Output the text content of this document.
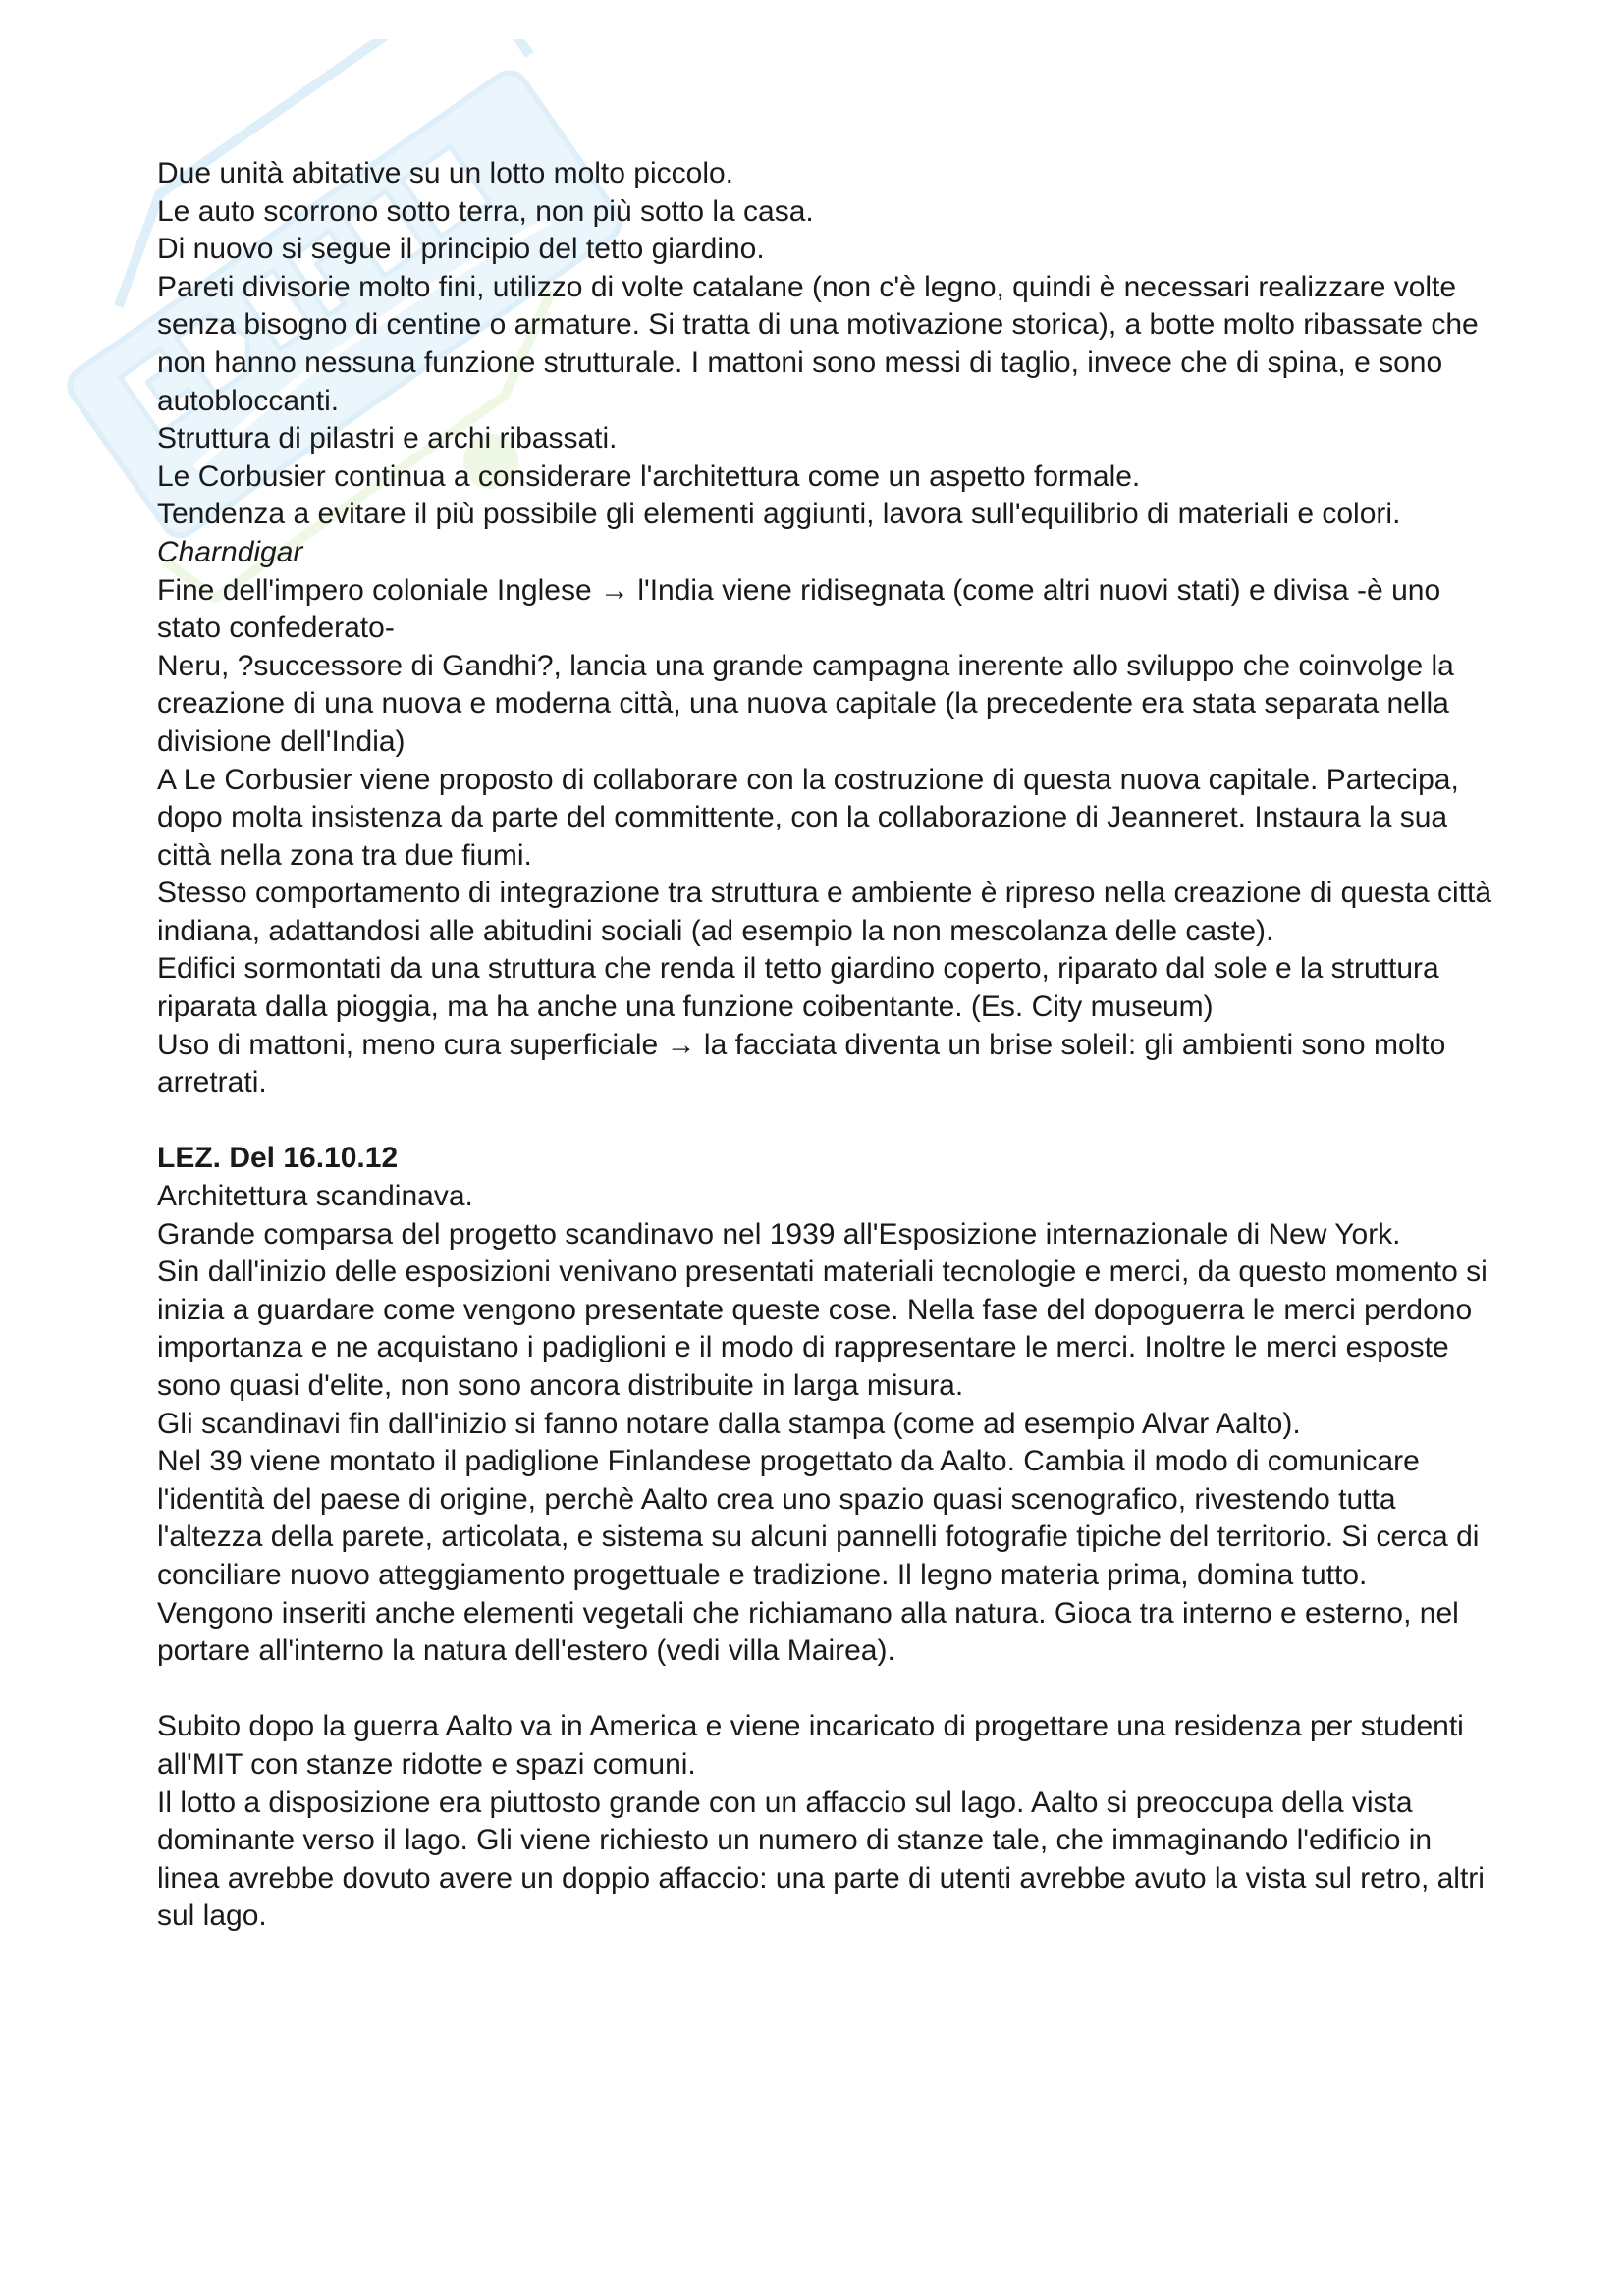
Due unità abitative su un lotto molto piccolo.

Le auto scorrono sotto terra, non più sotto la casa.

Di nuovo si segue il principio del tetto giardino.

Pareti divisorie molto fini, utilizzo di volte catalane (non c'è legno, quindi è necessari realizzare volte senza bisogno di centine o armature. Si tratta di una motivazione storica), a botte molto ribassate che non hanno nessuna funzione strutturale. I mattoni sono messi di taglio, invece che di spina, e sono autobloccanti.

Struttura di pilastri e archi ribassati.

Le Corbusier continua a considerare l'architettura come un aspetto formale.

Tendenza a evitare il più possibile gli elementi aggiunti, lavora sull'equilibrio di materiali e colori.

Charndigar

Fine dell'impero coloniale Inglese → l'India viene ridisegnata (come altri nuovi stati) e divisa -è uno stato confederato-

Neru, ?successore di Gandhi?, lancia una grande campagna inerente allo sviluppo che coinvolge la creazione di una nuova e moderna città, una nuova capitale (la precedente era stata separata nella divisione dell'India)

A Le Corbusier viene proposto di collaborare con la costruzione di questa nuova capitale. Partecipa, dopo molta insistenza da parte del committente, con la collaborazione di Jeanneret. Instaura la sua città nella zona tra due fiumi.

Stesso comportamento di integrazione tra struttura e ambiente è ripreso nella creazione di questa città indiana, adattandosi alle abitudini sociali (ad esempio la non mescolanza delle caste).

Edifici sormontati da una struttura che renda il tetto giardino coperto, riparato dal sole e la struttura riparata dalla pioggia, ma ha anche una funzione coibentante. (Es. City museum)

Uso di mattoni, meno cura superficiale → la facciata diventa un brise soleil: gli ambienti sono molto arretrati.

LEZ. Del 16.10.12

Architettura scandinava.

Grande comparsa del progetto scandinavo nel 1939 all'Esposizione internazionale di New York.

Sin dall'inizio delle esposizioni venivano presentati materiali tecnologie e merci, da questo momento si inizia a guardare come vengono presentate queste cose. Nella fase del dopoguerra le merci perdono importanza e ne acquistano i padiglioni e il modo di rappresentare le merci. Inoltre le merci esposte sono quasi d'elite, non sono ancora distribuite in larga misura.

Gli scandinavi fin dall'inizio si fanno notare dalla stampa (come ad esempio Alvar Aalto).

Nel 39 viene montato il padiglione Finlandese progettato da Aalto. Cambia il modo di comunicare l'identità del paese di origine, perchè Aalto crea uno spazio quasi scenografico, rivestendo tutta l'altezza della parete, articolata, e sistema su alcuni pannelli fotografie tipiche del territorio. Si cerca di conciliare nuovo atteggiamento progettuale e tradizione. Il legno materia prima, domina tutto.

Vengono inseriti anche elementi vegetali che richiamano alla natura. Gioca tra interno e esterno, nel portare all'interno la natura dell'estero (vedi villa Mairea).

Subito dopo la guerra Aalto va in America e viene incaricato di progettare una residenza per studenti all'MIT con stanze ridotte e spazi comuni.

Il lotto a disposizione era piuttosto grande con un affaccio sul lago. Aalto si preoccupa della vista dominante verso il lago. Gli viene richiesto un numero di stanze tale, che immaginando l'edificio in linea avrebbe dovuto avere un doppio affaccio: una parte di utenti avrebbe avuto la vista sul retro, altri sul lago.
